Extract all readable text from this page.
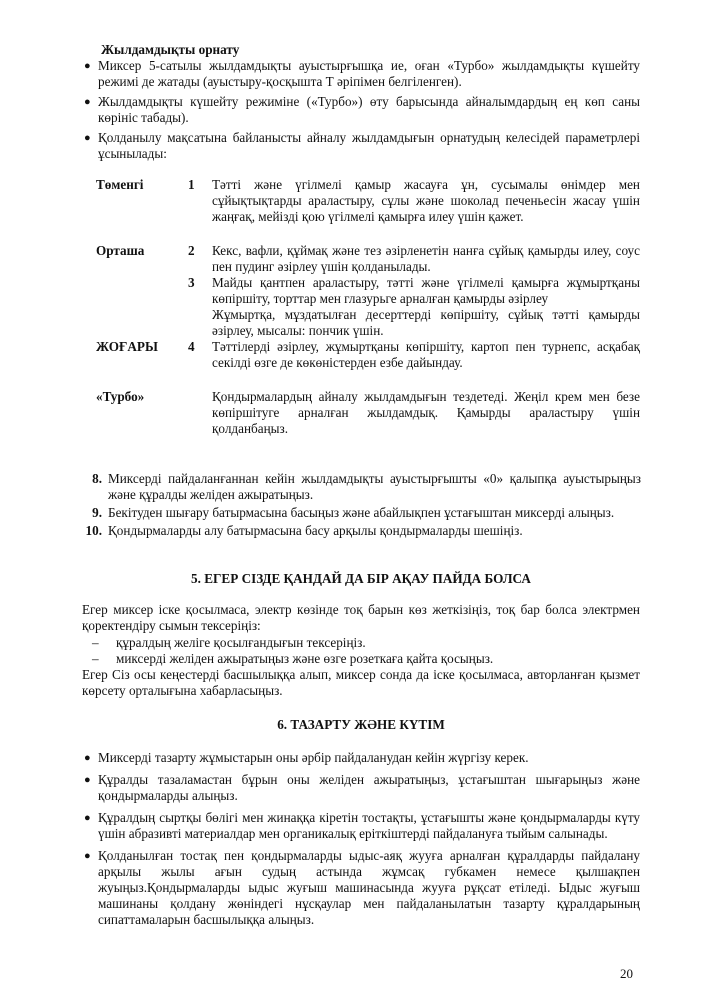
Жылдамдықты орнату
● Миксер 5-сатылы жылдамдықты ауыстырғышқа ие, оған «Турбо» жылдамдықты күшейту режимі де жатады (ауыстыру-қосқышта Т әріпімен белгіленген).
● Жылдамдықты күшейту режиміне («Турбо») өту барысында айналымдардың ең көп саны көрініс табады).
● Қолданылу мақсатына байланысты айналу жылдамдығын орнатудың келесідей параметрлері ұсынылады:
Төменгі	1 Тәтті және үгілмелі қамыр жасауға ұн, сусымалы өнімдер мен сұйықтықтарды араластыру, сұлы және шоколад печеньесін жасау үшін жаңғақ, мейізді қою үгілмелі қамырға илеу үшін қажет.
Орташа	2 Кекс, вафли, құймақ және тез әзірленетін нанға сұйық қамырды илеу, соус пен пудинг әзірлеу үшін қолданылады.
3 Майды қантпен араластыру, тәтті және үгілмелі қамырға жұмыртқаны көпіршіту, торттар мен глазурьге арналған қамырды әзірлеу
Жұмыртқа, мұздатылған десерттерді көпіршіту, сұйық тәтті қамырды әзірлеу, мысалы: пончик үшін.
ЖОҒАРЫ 4 Тәттілерді әзірлеу, жұмыртқаны көпіршіту, картоп пен турнепс, асқабақ секілді өзге де көкөністерден езбе дайындау.
«Турбо»	Қондырмалардың айналу жылдамдығын тездетеді. Жеңіл крем мен безе көпіршітуге арналған жылдамдық. Қамырды араластыру үшін қолданбаңыз.
8. Миксерді пайдаланғаннан кейін жылдамдықты ауыстырғышты «0» қалыпқа ауыстырыңыз және құралды желіден ажыратыңыз.
9. Бекітуден шығару батырмасына басыңыз және абайлықпен ұстағыштан миксерді алыңыз.
10. Қондырмаларды алу батырмасына басу арқылы қондырмаларды шешіңіз.
5. ЕГЕР СІЗДЕ ҚАНДАЙ ДА БІР АҚАУ ПАЙДА БОЛСА
Егер миксер іске қосылмаса, электр көзінде тоқ барын көз жеткізіңіз, тоқ бар болса электрмен қоректендіру сымын тексеріңіз:
– құралдың желіге қосылғандығын тексеріңіз.
– миксерді желіден ажыратыңыз және өзге розеткаға қайта қосыңыз.
Егер Сіз осы кеңестерді басшылыққа алып, миксер сонда да іске қосылмаса, авторланған қызмет көрсету орталығына хабарласыңыз.
6. ТАЗАРТУ ЖӘНЕ КҮТІМ
● Миксерді тазарту жұмыстарын оны әрбір пайдаланудан кейін жүргізу керек.
● Құралды тазаламастан бұрын оны желіден ажыратыңыз, ұстағыштан шығарыңыз және қондырмаларды алыңыз.
● Құралдың сыртқы бөлігі мен жинаққа кіретін тостақты, ұстағышты және қондырмаларды күту үшін абразивті материалдар мен органикалық еріткіштерді пайдалануға тыйым салынады.
● Қолданылған тостақ пен қондырмаларды ыдыс-аяқ жууға арналған құралдарды пайдалану арқылы жылы ағын судың астында жұмсақ губкамен немесе қылшақпен жуыңыз.Қондырмаларды ыдыс жуғыш машинасында жууға рұқсат етіледі. Ыдыс жуғыш машинаны қолдану жөніндегі нұсқаулар мен пайдаланылатын тазарту құралдарының сипаттамаларын басшылыққа алыңыз.
20
